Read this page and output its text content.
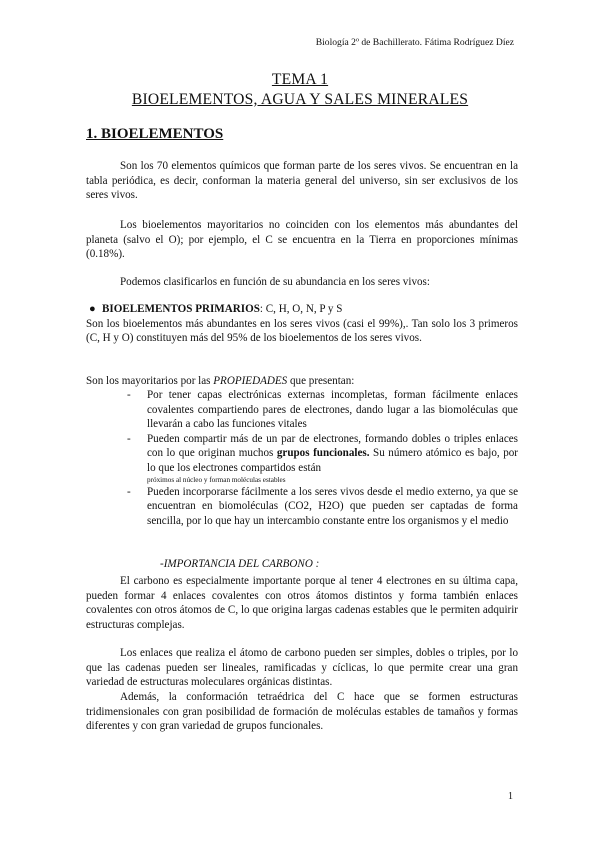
Biología 2º de Bachillerato. Fátima Rodríguez Díez
TEMA 1
BIOELEMENTOS, AGUA Y SALES MINERALES
1. BIOELEMENTOS
Son los 70 elementos químicos que forman parte de los seres vivos. Se encuentran en la tabla periódica, es decir, conforman la materia general del universo, sin ser exclusivos de los seres vivos.
Los bioelementos mayoritarios no coinciden con los elementos más abundantes del planeta (salvo el O); por ejemplo, el C se encuentra en la Tierra en proporciones mínimas (0.18%).
Podemos clasificarlos en función de su abundancia en los seres vivos:
● BIOELEMENTOS PRIMARIOS: C, H, O, N, P y S
Son los bioelementos más abundantes en los seres vivos (casi el 99%),. Tan solo los 3 primeros (C, H y O) constituyen más del 95% de los bioelementos de los seres vivos.
Son los mayoritarios por las PROPIEDADES que presentan:
- Por tener capas electrónicas externas incompletas, forman fácilmente enlaces covalentes compartiendo pares de electrones, dando lugar a las biomoléculas que llevarán a cabo las funciones vitales
- Pueden compartir más de un par de electrones, formando dobles o triples enlaces con lo que originan muchos grupos funcionales. Su número atómico es bajo, por lo que los electrones compartidos están
próximos al núcleo y forman moléculas estables
- Pueden incorporarse fácilmente a los seres vivos desde el medio externo, ya que se encuentran en biomoléculas (CO2, H2O) que pueden ser captadas de forma sencilla, por lo que hay un intercambio constante entre los organismos y el medio
-IMPORTANCIA DEL CARBONO :
El carbono es especialmente importante porque al tener 4 electrones en su última capa, pueden formar 4 enlaces covalentes con otros átomos distintos y forma también enlaces covalentes con otros átomos de C, lo que origina largas cadenas estables que le permiten adquirir estructuras complejas.
Los enlaces que realiza el átomo de carbono pueden ser simples, dobles o triples, por lo que las cadenas pueden ser lineales, ramificadas y cíclicas, lo que permite crear una gran variedad de estructuras moleculares orgánicas distintas.
Además, la conformación tetraédrica del C hace que se formen estructuras tridimensionales con gran posibilidad de formación de moléculas estables de tamaños y formas diferentes y con gran variedad de grupos funcionales.
1
